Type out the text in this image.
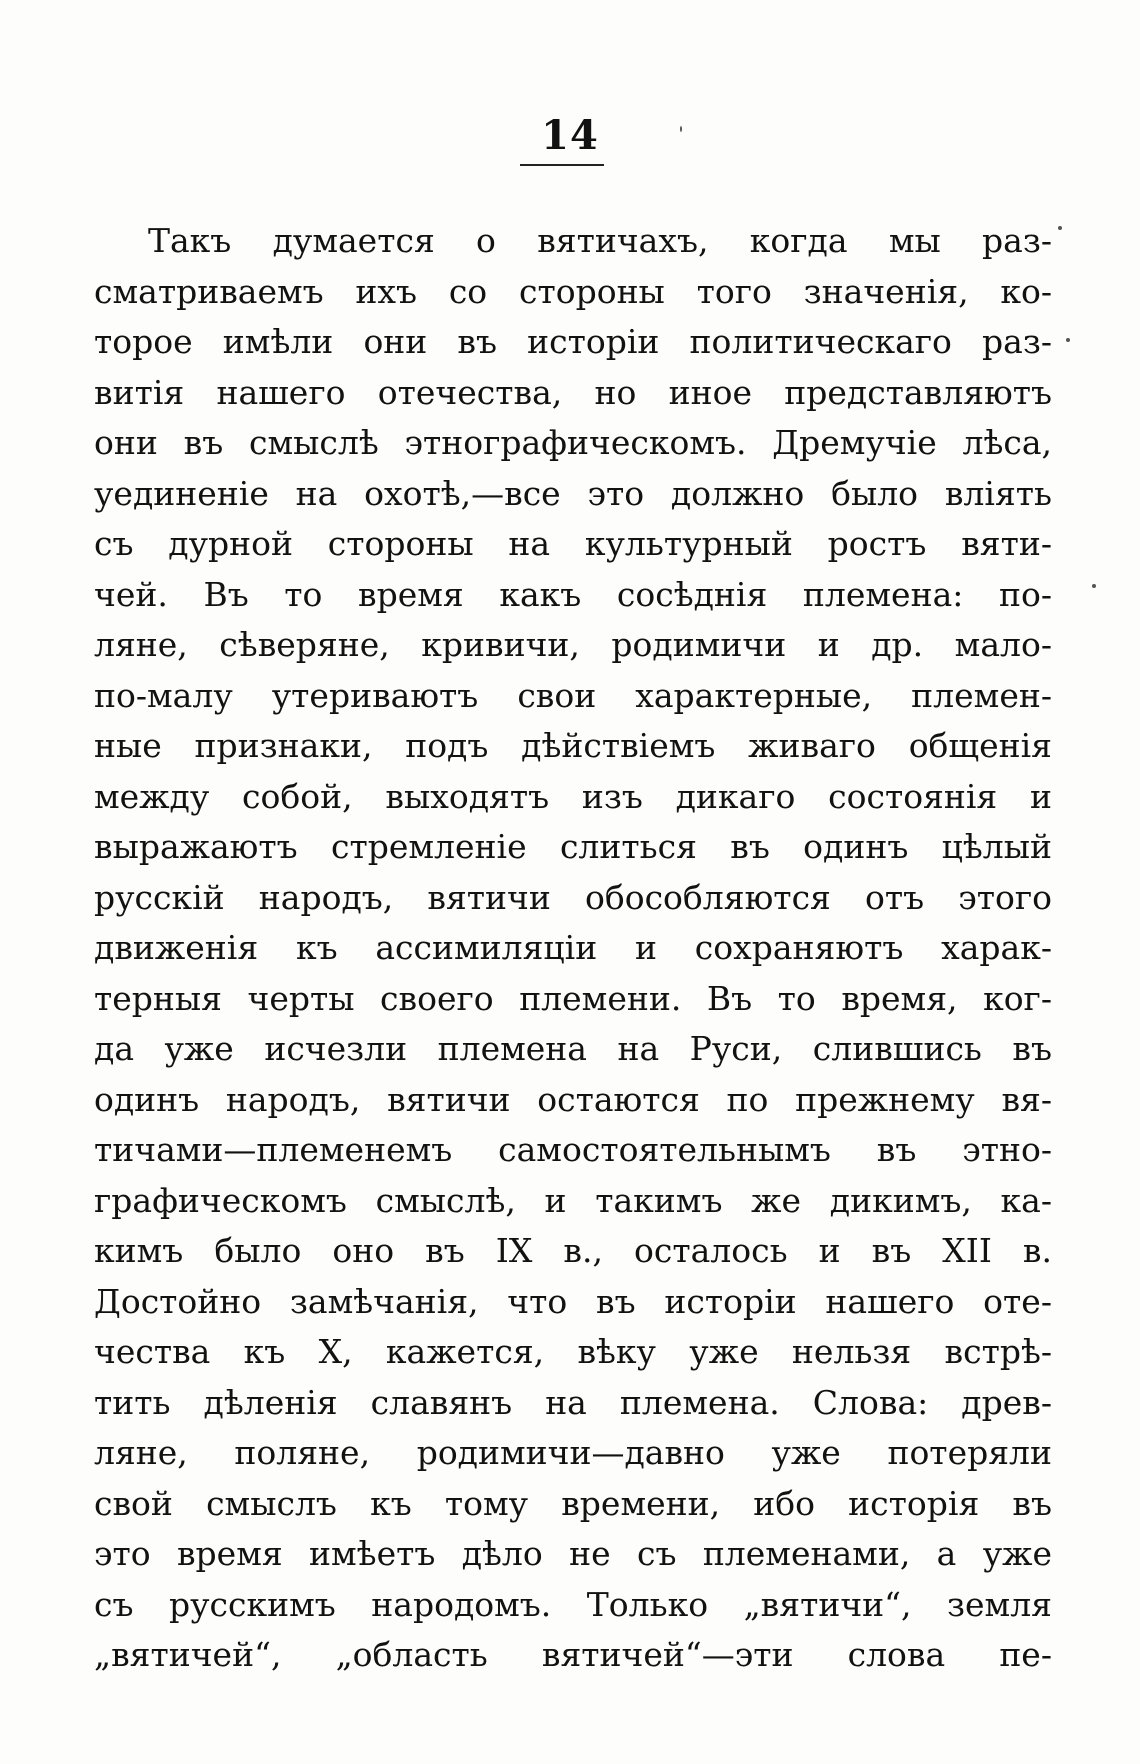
14
Такъ думается о вятичахъ, когда мы раз-
сматриваемъ ихъ со стороны того значенія, ко-
торое имѣли они въ исторіи политическаго раз-
витія нашего отечества, но иное представляютъ
они въ смыслѣ этнографическомъ. Дремучіе лѣса,
уединеніе на охотѣ,—все это должно было вліять
съ дурной стороны на культурный ростъ вяти-
чей. Въ то время какъ сосѣднія племена: по-
ляне, сѣверяне, кривичи, родимичи и др. мало-
по-малу утериваютъ свои характерные, племен-
ные признаки, подъ дѣйствіемъ живаго общенія
между собой, выходятъ изъ дикаго состоянія и
выражаютъ стремленіе слиться въ одинъ цѣлый
русскій народъ, вятичи обособляются отъ этого
движенія къ ассимиляціи и сохраняютъ харак-
терныя черты своего племени. Въ то время, ког-
да уже исчезли племена на Руси, слившись въ
одинъ народъ, вятичи остаются по прежнему вя-
тичами—племенемъ самостоятельнымъ въ этно-
графическомъ смыслѣ, и такимъ же дикимъ, ка-
кимъ было оно въ IX в., осталось и въ XII в.
Достойно замѣчанія, что въ исторіи нашего оте-
чества къ X, кажется, вѣку уже нельзя встрѣ-
тить дѣленія славянъ на племена. Слова: древ-
ляне, поляне, родимичи—давно уже потеряли
свой смыслъ къ тому времени, ибо исторія въ
это время имѣетъ дѣло не съ племенами, а уже
съ русскимъ народомъ. Только „вятичи“, земля
„вятичей“, „область вятичей“—эти слова пе-
